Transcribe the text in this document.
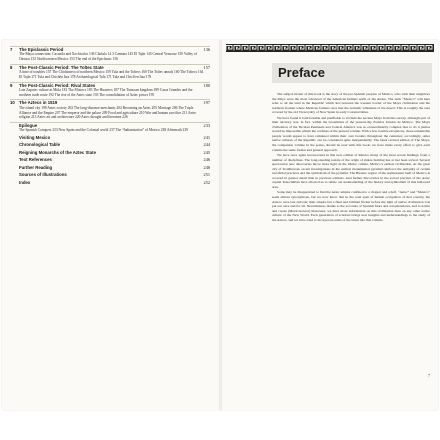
7 The Epiclassic Period	136
The Maya connection: Cacaxtla and Xochicalco 136 Cholula 14.3 Cantona 145 El Tajín 145 Central Veracruz 150 Valley of Oaxaca 152 Northwestern Mexico 153 The end of the Epiclassic 156
8 The Post-Classic Period: The Toltec State	157
A time of troubles 157 The Chichimecs of northern Mexico 159 Tula and the Toltecs 160 The Toltec annals 160 The Toltecs 164 El Tajín 171 Tula and Chichén Itza 178 Archaeological Tula 171 Tula and Chich'en Itza 178
9 The Post-Classic Period: Rival States	180
Late Zapotec culture at Mitla 181 The Mixtecs 183 The Huastecs 187 The Tarascan kingdom 189 Casas Grandes and the northern trade route 192 The rise of the Aztec state 193 The consolidation of Aztec power 195
10 The Aztecs in 1519	197
The island city 198 Aztec society 202 The long-distance merchants 204 Becoming an Aztec 205 Marriage 206 The Triple Alliance and the Empire 207 The emperor and the palace 209 Food and agriculture 210 War and human sacrifice 211 Aztec religion 213 Aztec art and architecture 220 Aztec thought and literature 226
Epilogue	233
The Spanish Conquest 233 New Spain and the Colonial world 237 The “Indianization” of Mexico 238 Aftermath 239
Visiting Mexico	241
Chronological Table	244
Reigning Monarchs of the Aztec State	245
Text References	246
Further Reading	248
Sources of Illustrations	251
Index	252
Preface

The subject matter of this book is the story of the pre-Spanish peoples of Mexico, who with their neighbors the Maya were the most advanced of the American Indians north of the Andes. The term “Mexico” will here refer to all the land in the Republic which lies between the western border of the Maya civilization and the northern frontier where Mexican farmers once met the nomadic tribesmen of the desert. This is roughly the area covered by the old Viceroyalty of New Spain in early Colonial times.

We have found it both feasible and justifiable to exclude the ancient Maya from this survey, although part of their territory was, in fact, within the boundaries of the present-day Estados Unidos de México. The Maya civilization of the Yucatan Peninsula and Central America was so extraordinarily complex that to do it justice would be impossible within the confines of the present volume. With a few notable exceptions, those remarkable people would appear to have remained within their own borders throughout the centuries; accordingly, other native cultures of the Republic can be considered quite independently. The latest revised edition of The Maya, the companion volume in the series, should be read with this book; we have made every effort to give each volume the same format and general approach.

We have once again incorporated in this new edition of Mexico many of the most recent findings, from a number of disciplines. The long-standing puzzle of the origin of maize farming has at last been solved. Several spectacular new discoveries throw more light on the Olmec culture, Mexico’s earliest civilization. At the great city of Teotihuacan, recent investigations in the earliest monumental pyramid reinforce the antiquity of certain sacrificial practices and the symbolism of the pyramid. The Huastec region of the northeastern Gulf of Mexico is covered in greater detail than in previous editions. And further discoveries in the sacred precinct of the Aztec capital Tenochtitlan have allowed us to refine our understanding of the history and symbolism of this hallowed area.

Some may be disappointed to find the Aztec empire confined to a chapter and a half. “Aztec” and “Mexico” seem almost synonymous, but we now know that in the total span of human occupation of that country, the Aztecs were late arrivals; their empire but a final and brilliant flicker before the light of native civilization was put out once and for all. Nevertheless, thanks to the accounts of Spanish friars and conquistadores, and to native and creole (Mexican-born) historians, we have more information on this civilization than on any other native culture of the New World. Each generation of scholars brings new insights and understandings to the study of the Aztecs, and we have tried to incorporate some of the latest into this volume.

7
